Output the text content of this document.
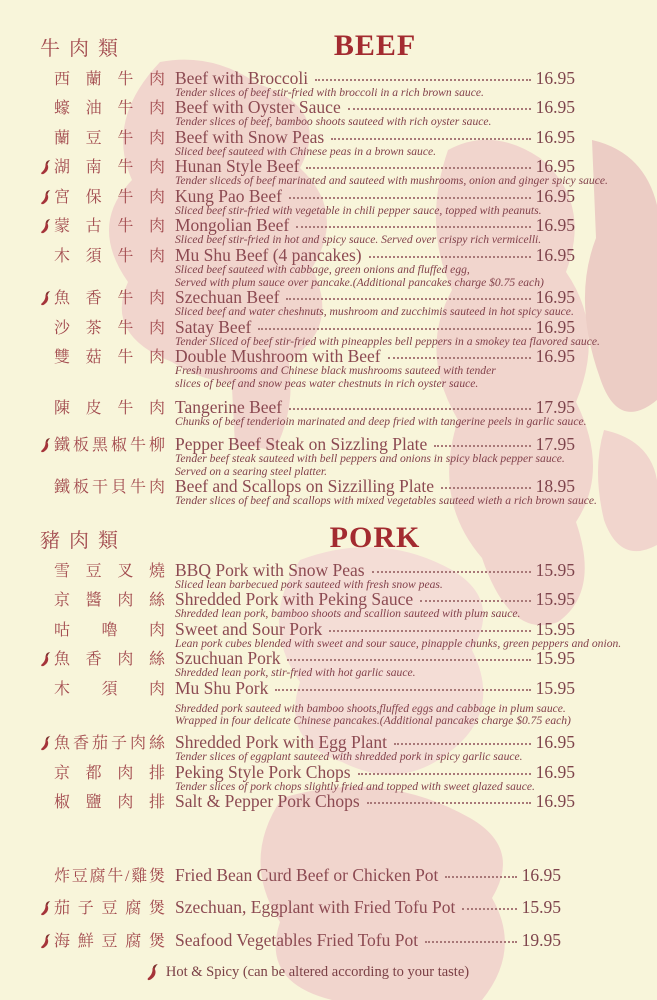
牛 肉 類	BEEF
西 蘭 牛 肉 Beef with Broccoli	16.95
Tender slices of beef stir-fried with broccoli in a rich brown sauce.
蠔 油 牛 肉 Beef with Oyster Sauce	16.95
Tender slices of beef, bamboo shoots sauteed with rich oyster sauce.
蘭 豆 牛 肉 Beef with Snow Peas	16.95
Sliced beef sauteed with Chinese peas in a brown sauce.
湖 南 牛 肉 Hunan Style Beef	16.95
Tender sliceds of beef marinated and sauteed with mushrooms, onion and ginger spicy sauce.
宮 保 牛 肉 Kung Pao Beef	16.95
Sliced beef stir-fried with vegetable in chili pepper sauce, topped with peanuts.
蒙 古 牛 肉 Mongolian Beef	16.95
Sliced beef stir-fried in hot and spicy sauce. Served over crispy rich vermicelli.
木 須 牛 肉 Mu Shu Beef (4 pancakes)	16.95
Sliced beef sauteed with cabbage, green onions and fluffed egg,
Served with plum sauce over pancake.(Additional pancakes charge $0.75 each)
魚 香 牛 肉 Szechuan Beef	16.95
Sliced beef and water cheshnuts, mushroom and zucchimis sauteed in hot spicy sauce.
沙 茶 牛 肉 Satay Beef	16.95
Tender Sliced of beef stir-fried with pineapples bell peppers in a smokey tea flavored sauce.
雙 菇 牛 肉 Double Mushroom with Beef	16.95
Fresh mushrooms and Chinese black mushrooms sauteed with tender
slices of beef and snow peas water chestnuts in rich oyster sauce.
陳 皮 牛 肉 Tangerine Beef	17.95
Chunks of beef tenderioin marinated and deep fried with tangerine peels in garlic sauce.
鐵板黑椒牛柳 Pepper Beef Steak on Sizzling Plate	17.95
Tender beef steak sauteed with bell peppers and onions in spicy black pepper sauce.
Served on a searing steel platter.
鐵板干貝牛肉 Beef and Scallops on Sizzilling Plate	18.95
Tender slices of beef and scallops with mixed vegetables sauteed wieth a rich brown sauce.
豬 肉 類	PORK
雪 豆 叉 燒 BBQ Pork with Snow Peas	15.95
Sliced lean barbecued pork sauteed with fresh snow peas.
京 醬 肉 絲 Shredded Pork with Peking Sauce	15.95
Shredded lean pork, bamboo shoots and scallion sauteed with plum sauce.
咕 嚕 肉 Sweet and Sour Pork	15.95
Lean pork cubes blended with sweet and sour sauce, pinapple chunks, green peppers and onion.
魚 香 肉 絲 Szuchuan Pork	15.95
Shredded lean pork, stir-fried with hot garlic sauce.
木 須 肉 Mu Shu Pork	15.95
Shredded pork sauteed with bamboo shoots,fluffed eggs and cabbage in plum sauce.
Wrapped in four delicate Chinese pancakes.(Additional pancakes charge $0.75 each)
魚香茄子肉絲 Shredded Pork with Egg Plant	16.95
Tender slices of eggplant sauteed with shredded pork in spicy garlic sauce.
京 都 肉 排 Peking Style Pork Chops	16.95
Tender slices of pork chops slightly fried and topped with sweet glazed sauce.
椒 鹽 肉 排 Salt & Pepper Pork Chops	16.95
炸豆腐牛/雞煲 Fried Bean Curd Beef or Chicken Pot	16.95
茄 子 豆 腐 煲 Szechuan, Eggplant with Fried Tofu Pot	15.95
海 鮮 豆 腐 煲 Seafood Vegetables Fried Tofu Pot	19.95
Hot & Spicy (can be altered according to your taste)
